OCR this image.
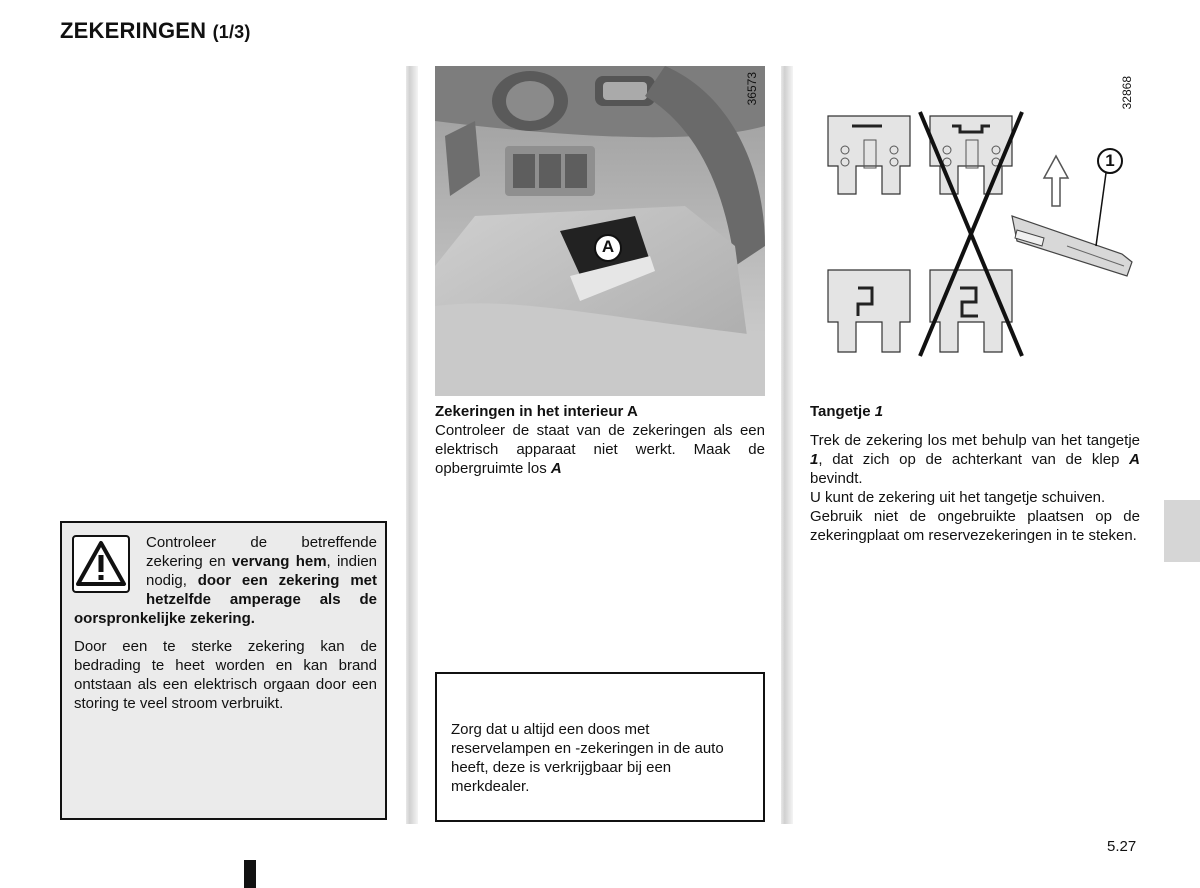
ZEKERINGEN (1/3)

Controleer de betreffende zekering en vervang hem, indien nodig, door een zekering met hetzelfde amperage als de oorspronkelijke zekering.

Door een te sterke zekering kan de bedrading te heet worden en kan brand ontstaan als een elektrisch orgaan door een storing te veel stroom verbruikt.

A
36573
Zekeringen in het interieur A
Controleer de staat van de zekeringen als een elektrisch apparaat niet werkt. Maak de opbergruimte los A
Zorg dat u altijd een doos met reservelampen en -zekeringen in de auto heeft, deze is verkrijgbaar bij een merkdealer.
1
32868
Tangetje 1

Trek de zekering los met behulp van het tangetje 1, dat zich op de achterkant van de klep A bevindt.

U kunt de zekering uit het tangetje schuiven.

Gebruik niet de ongebruikte plaatsen op de zekeringplaat om reservezekeringen in te steken.

5.27
